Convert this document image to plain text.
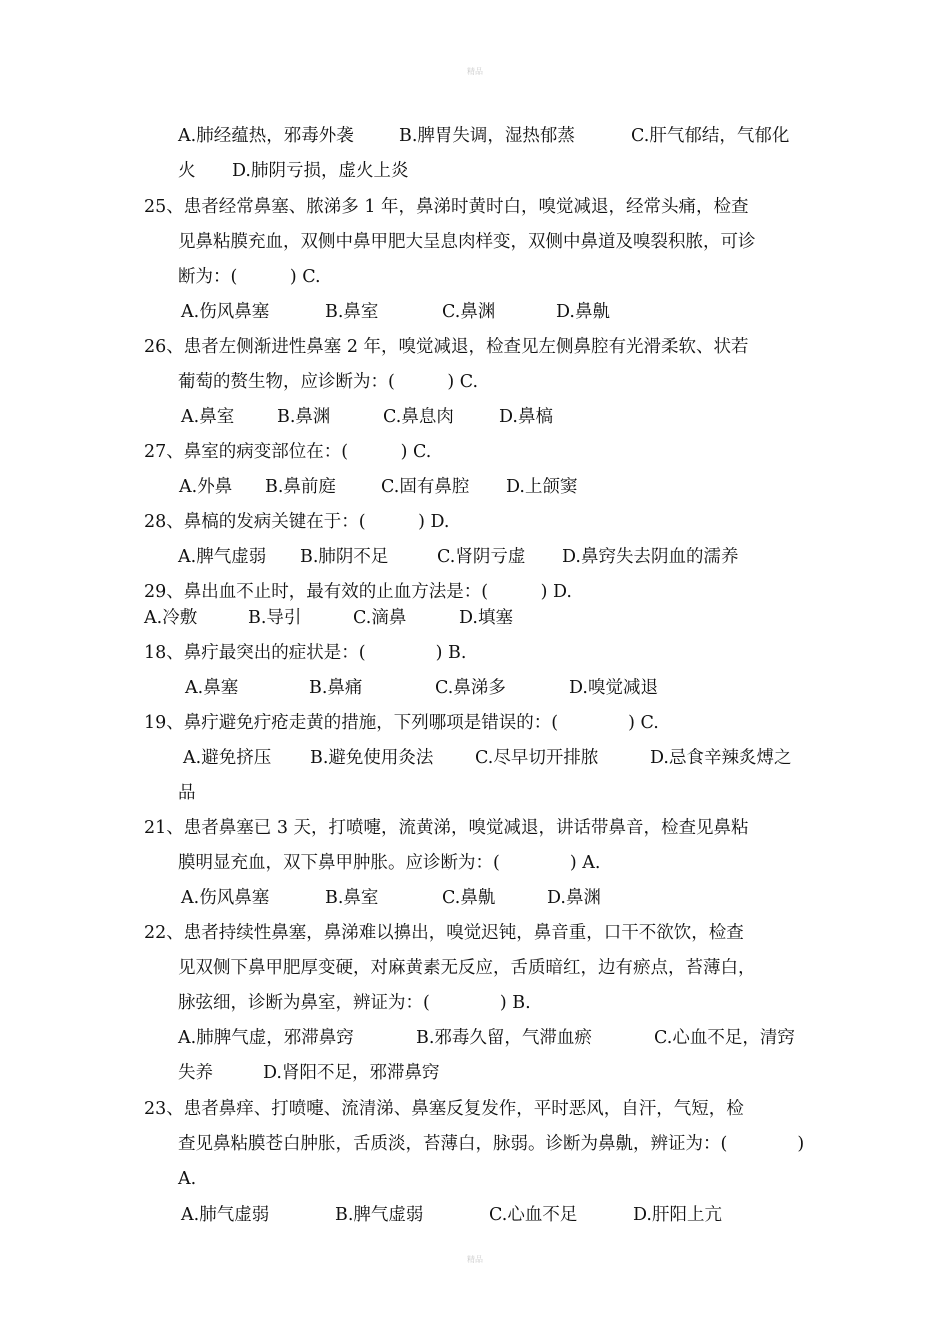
精品
A.肺经蕴热，邪毒外袭	B.脾胃失调，湿热郁蒸	C.肝气郁结，气郁化
火 D.肺阴亏损，虚火上炎
25、患者经常鼻塞、脓涕多 1 年，鼻涕时黄时白，嗅觉减退，经常头痛，检查
见鼻粘膜充血，双侧中鼻甲肥大呈息肉样变，双侧中鼻道及嗅裂积脓，可诊
断为：(　　　) C.
A.伤风鼻塞	B.鼻室	C.鼻渊	D.鼻鼽
26、患者左侧渐进性鼻塞 2 年，嗅觉减退，检查见左侧鼻腔有光滑柔软、状若
葡萄的赘生物，应诊断为：(　　　) C.
A.鼻室 B.鼻渊	C.鼻息肉	D.鼻槁
27、鼻室的病变部位在：(　　　) C.
A.外鼻 B.鼻前庭	C.固有鼻腔 D.上颌窦
28、鼻槁的发病关键在于：(　　　) D.
A.脾气虚弱 B.肺阴不足	C.肾阴亏虚 D.鼻窍失去阴血的濡养
29、鼻出血不止时，最有效的止血方法是：(　　　) D.
A.冷敷	B.导引	C.滴鼻	D.填塞
18、鼻疔最突出的症状是：(　　　　) B.
A.鼻塞	B.鼻痛	C.鼻涕多	D.嗅觉减退
19、鼻疔避免疔疮走黄的措施，下列哪项是错误的：(　　　　) C.
A.避免挤压 B.避免使用灸法 C.尽早切开排脓	D.忌食辛辣炙煿之
品
21、患者鼻塞已 3 天，打喷嚏，流黄涕，嗅觉减退，讲话带鼻音，检查见鼻粘
膜明显充血，双下鼻甲肿胀。应诊断为：(　　　　) A.
A.伤风鼻塞	B.鼻室	C.鼻鼽	D.鼻渊
22、患者持续性鼻塞，鼻涕难以擤出，嗅觉迟钝，鼻音重，口干不欲饮，检查
见双侧下鼻甲肥厚变硬，对麻黄素无反应，舌质暗红，边有瘀点，苔薄白，
脉弦细，诊断为鼻室，辨证为：(　　　　) B.
A.肺脾气虚，邪滞鼻窍	B.邪毒久留，气滞血瘀	C.心血不足，清窍
失养	D.肾阳不足，邪滞鼻窍
23、患者鼻痒、打喷嚏、流清涕、鼻塞反复发作，平时恶风，自汗，气短，检
查见鼻粘膜苍白肿胀，舌质淡，苔薄白，脉弱。诊断为鼻鼽，辨证为：(　　　　)
A.
A.肺气虚弱	B.脾气虚弱	C.心血不足	D.肝阳上亢
精品
